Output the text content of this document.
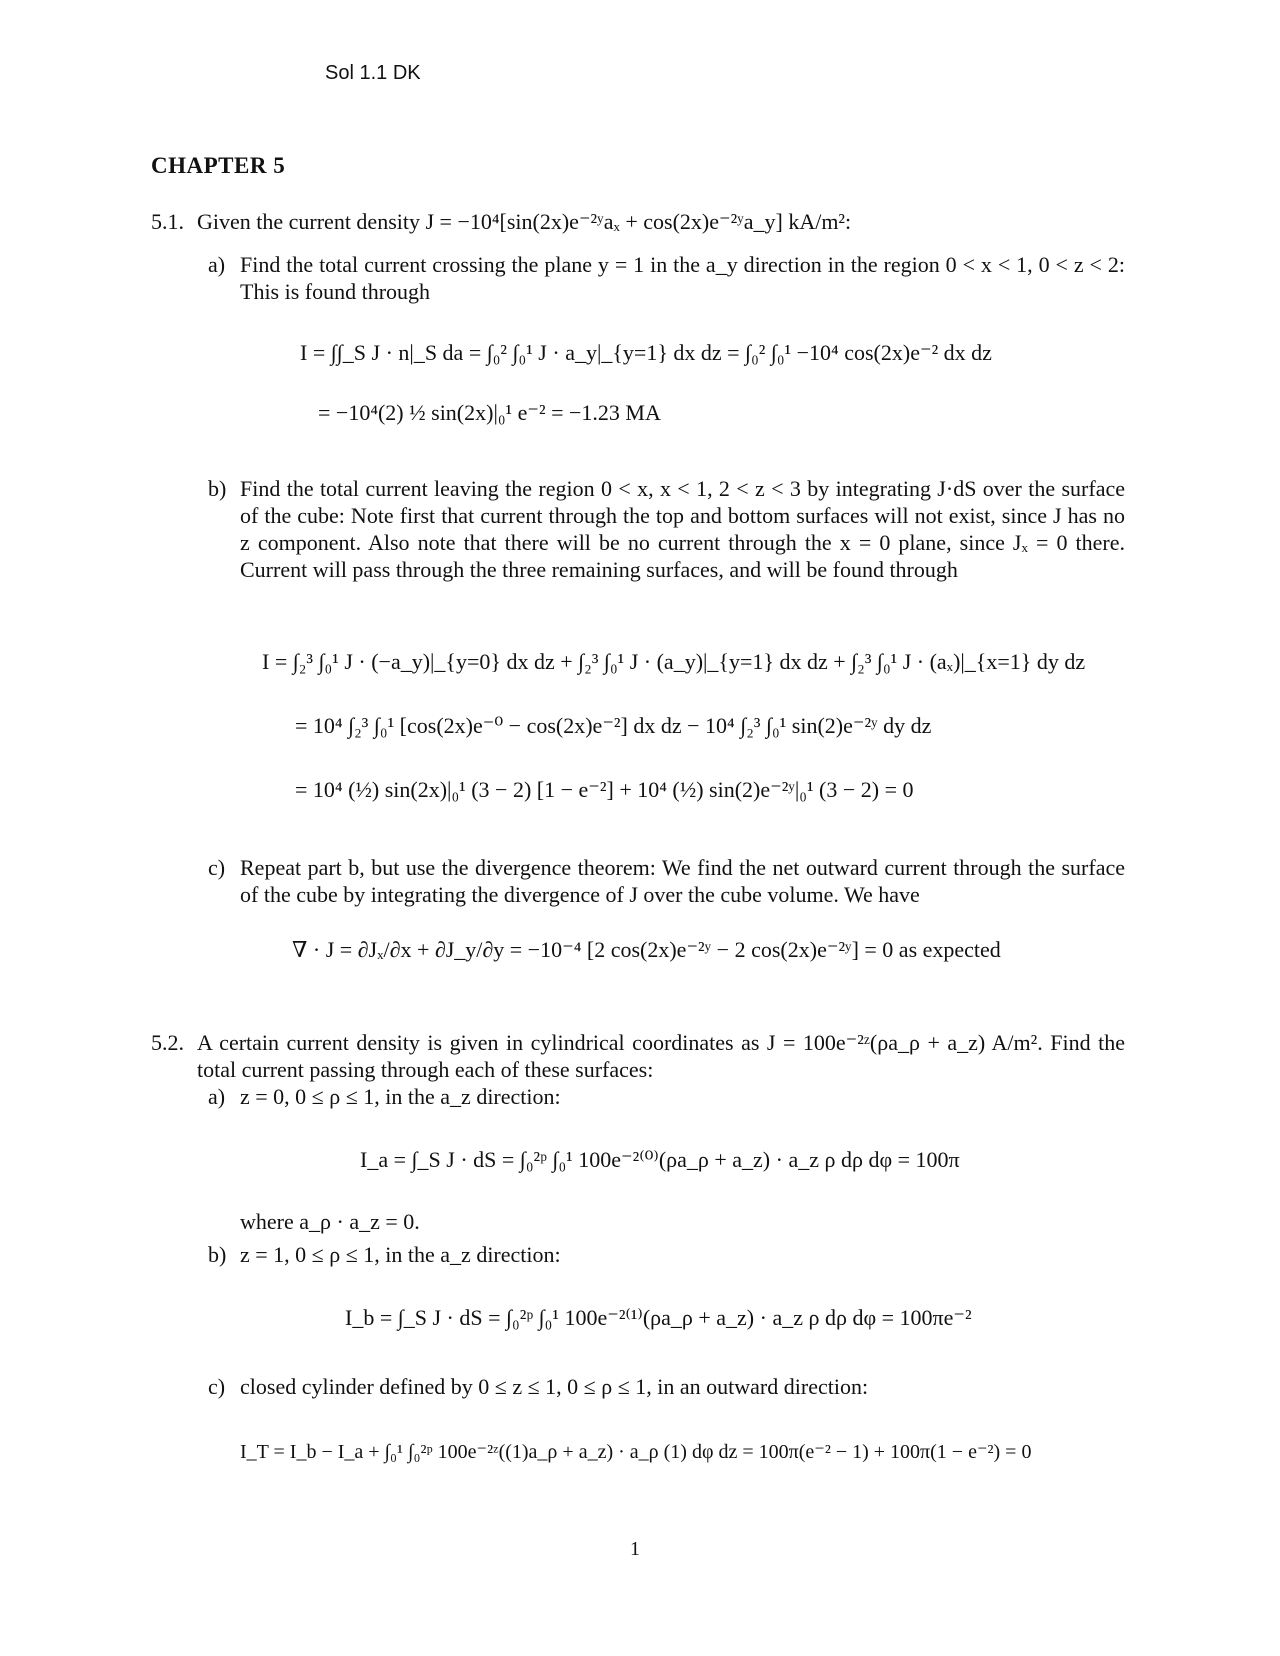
Sol 1.1 DK
CHAPTER 5
5.1. Given the current density J = −10⁴[sin(2x)e⁻²ʸaₓ + cos(2x)e⁻²ʸa_y] kA/m²:
a) Find the total current crossing the plane y = 1 in the a_y direction in the region 0 < x < 1, 0 < z < 2: This is found through
I = ∫∫_S J · n|_S da = ∫₀² ∫₀¹ J · a_y|_{y=1} dx dz = ∫₀² ∫₀¹ −10⁴ cos(2x)e⁻² dx dz
= −10⁴(2) ½ sin(2x)|₀¹ e⁻² = −1.23 MA
b) Find the total current leaving the region 0 < x, x < 1, 2 < z < 3 by integrating J·dS over the surface of the cube: Note first that current through the top and bottom surfaces will not exist, since J has no z component. Also note that there will be no current through the x = 0 plane, since Jₓ = 0 there. Current will pass through the three remaining surfaces, and will be found through
I = ∫₂³ ∫₀¹ J · (−a_y)|_{y=0} dx dz + ∫₂³ ∫₀¹ J · (a_y)|_{y=1} dx dz + ∫₂³ ∫₀¹ J · (aₓ)|_{x=1} dy dz
= 10⁴ ∫₂³ ∫₀¹ [cos(2x)e⁻⁰ − cos(2x)e⁻²] dx dz − 10⁴ ∫₂³ ∫₀¹ sin(2)e⁻²ʸ dy dz
= 10⁴ (½) sin(2x)|₀¹ (3 − 2) [1 − e⁻²] + 10⁴ (½) sin(2)e⁻²ʸ|₀¹ (3 − 2) = 0
c) Repeat part b, but use the divergence theorem: We find the net outward current through the surface of the cube by integrating the divergence of J over the cube volume. We have
∇ · J = ∂Jₓ/∂x + ∂J_y/∂y = −10⁻⁴ [2 cos(2x)e⁻²ʸ − 2 cos(2x)e⁻²ʸ] = 0 as expected
5.2. A certain current density is given in cylindrical coordinates as J = 100e⁻²ᶻ(ρa_ρ + a_z) A/m². Find the total current passing through each of these surfaces:
a) z = 0, 0 ≤ ρ ≤ 1, in the a_z direction:
I_a = ∫_S J · dS = ∫₀²ᵖ ∫₀¹ 100e⁻²⁽⁰⁾(ρa_ρ + a_z) · a_z ρ dρ dφ = 100π
where a_ρ · a_z = 0.
b) z = 1, 0 ≤ ρ ≤ 1, in the a_z direction:
I_b = ∫_S J · dS = ∫₀²ᵖ ∫₀¹ 100e⁻²⁽¹⁾(ρa_ρ + a_z) · a_z ρ dρ dφ = 100πe⁻²
c) closed cylinder defined by 0 ≤ z ≤ 1, 0 ≤ ρ ≤ 1, in an outward direction:
I_T = I_b − I_a + ∫₀¹ ∫₀²ᵖ 100e⁻²ᶻ((1)a_ρ + a_z) · a_ρ (1) dφ dz = 100π(e⁻² − 1) + 100π(1 − e⁻²) = 0
1
